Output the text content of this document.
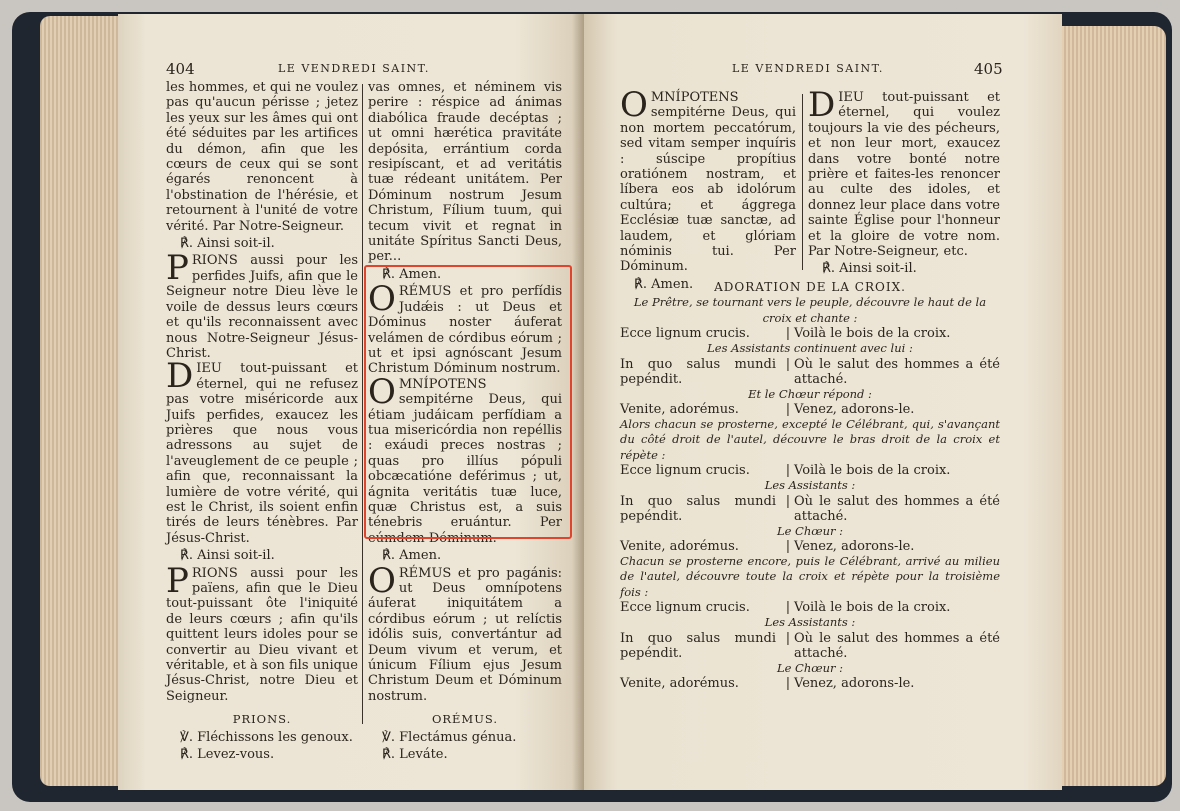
404	LE VENDREDI SAINT.

les hommes, et qui ne voulez pas qu'aucun périsse ; jetez les yeux sur les âmes qui ont été séduites par les artifices du démon, afin que les cœurs de ceux qui se sont égarés renoncent à l'obstination de l'hérésie, et retournent à l'unité de votre vérité. Par Notre-Seigneur.

℟. Ainsi soit-il.

PRIONS aussi pour les perfides Juifs, afin que le Seigneur notre Dieu lève le voile de dessus leurs cœurs et qu'ils reconnaissent avec nous Notre-Seigneur Jésus-Christ.

DIEU tout-puissant et éternel, qui ne refusez pas votre miséricorde aux Juifs perfides, exaucez les prières que nous vous adressons au sujet de l'aveuglement de ce peuple ; afin que, reconnaissant la lumière de votre vérité, qui est le Christ, ils soient enfin tirés de leurs ténèbres. Par Jésus-Christ.

℟. Ainsi soit-il.

PRIONS aussi pour les païens, afin que le Dieu tout-puissant ôte l'iniquité de leurs cœurs ; afin qu'ils quittent leurs idoles pour se convertir au Dieu vivant et véritable, et à son fils unique Jésus-Christ, notre Dieu et Seigneur.

PRIONS.

℣. Fléchissons les genoux.

℟. Levez-vous.

vas omnes, et néminem vis perire : réspice ad ánimas diabólica fraude decéptas ; ut omni hærética pravitáte depósita, errántium corda resipíscant, et ad veritátis tuæ rédeant unitátem. Per Dóminum nostrum Jesum Christum, Fílium tuum, qui tecum vivit et regnat in unitáte Spíritus Sancti Deus, per...

℟. Amen.

ORÉMUS et pro perfídis Judǽis : ut Deus et Dóminus noster áuferat velámen de córdibus eórum ; ut et ipsi agnóscant Jesum Christum Dóminum nostrum.

OMNÍPOTENS sempitérne Deus, qui étiam judáicam perfídiam a tua misericórdia non repéllis : exáudi preces nostras ; quas pro illíus pópuli obcæcatióne deférimus ; ut, ágnita veritátis tuæ luce, quæ Christus est, a suis ténebris eruántur. Per eúmdem Dóminum.

℟. Amen.

ORÉMUS et pro pagánis: ut Deus omnípotens áuferat iniquitátem a córdibus eórum ; ut relíctis idólis suis, convertántur ad Deum vivum et verum, et únicum Fílium ejus Jesum Christum Deum et Dóminum nostrum.

ORÉMUS.

℣. Flectámus génua.

℟. Leváte.

LE VENDREDI SAINT.	405

OMNÍPOTENS sempitérne Deus, qui non mortem peccatórum, sed vitam semper inquíris : súscipe propítius oratiónem nostram, et líbera eos ab idolórum cultúra; et ággrega Ecclésiæ tuæ sanctæ, ad laudem, et glóriam nóminis tui. Per Dóminum.

℟. Amen.

DIEU tout-puissant et éternel, qui voulez toujours la vie des pécheurs, et non leur mort, exaucez dans votre bonté notre prière et faites-les renoncer au culte des idoles, et donnez leur place dans votre sainte Église pour l'honneur et la gloire de votre nom. Par Notre-Seigneur, etc.

℟. Ainsi soit-il.

ADORATION DE LA CROIX.

Le Prêtre, se tournant vers le peuple, découvre le haut de la croix et chante :

Ecce lignum crucis.	| Voilà le bois de la croix.

Les Assistants continuent avec lui :

In quo salus mundi pepéndit.
| Où le salut des hommes a été attaché.

Et le Chœur répond :

Venite, adorémus.	| Venez, adorons-le.

Alors chacun se prosterne, excepté le Célébrant, qui, s'avançant du côté droit de l'autel, découvre le bras droit de la croix et répète :

Ecce lignum crucis.	| Voilà le bois de la croix.

Les Assistants :

In quo salus mundi pepéndit.
| Où le salut des hommes a été attaché.

Le Chœur :

Venite, adorémus.	| Venez, adorons-le.

Chacun se prosterne encore, puis le Célébrant, arrivé au milieu de l'autel, découvre toute la croix et répète pour la troisième fois :

Ecce lignum crucis.	| Voilà le bois de la croix.

Les Assistants :

In quo salus mundi pepéndit.
| Où le salut des hommes a été attaché.

Le Chœur :

Venite, adorémus.	| Venez, adorons-le.
